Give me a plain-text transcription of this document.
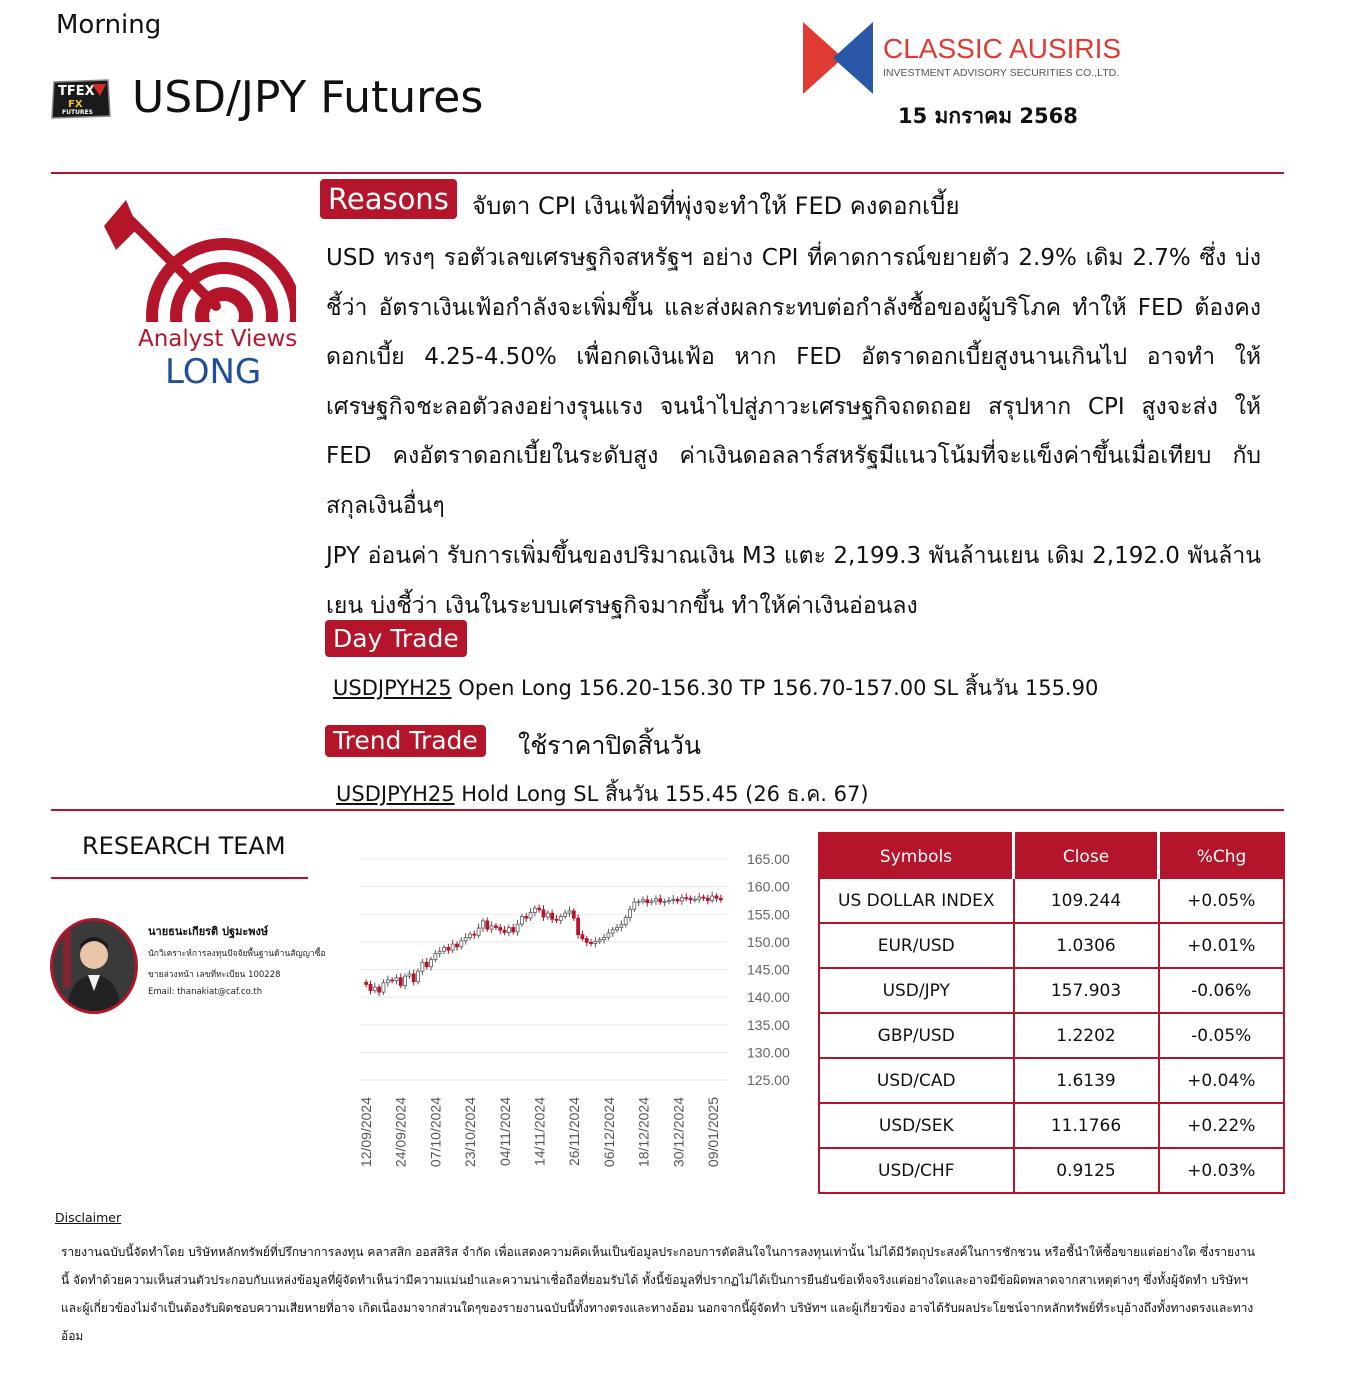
Morning
TFEX
FX
FUTURES USD/JPY Futures
CLASSIC AUSIRIS
INVESTMENT ADVISORY SECURITIES CO.,LTD.
15 มกราคม 2568
Analyst Views
LONG
Reasons จับตา CPI เงินเฟ้อที่พุ่งจะทำให้ FED คงดอกเบี้ย
USD ทรงๆ รอตัวเลขเศรษฐกิจสหรัฐฯ อย่าง CPI ที่คาดการณ์ขยายตัว 2.9% เดิม 2.7% ซึ่ง บ่งชี้ว่า อัตราเงินเฟ้อกำลังจะเพิ่มขึ้น และส่งผลกระทบต่อกำลังซื้อของผู้บริโภค ทำให้ FED ต้องคงดอกเบี้ย 4.25-4.50% เพื่อกดเงินเฟ้อ หาก FED อัตราดอกเบี้ยสูงนานเกินไป อาจทำ ให้เศรษฐกิจชะลอตัวลงอย่างรุนแรง จนนำไปสู่ภาวะเศรษฐกิจถดถอย สรุปหาก CPI สูงจะส่ง ให้ FED คงอัตราดอกเบี้ยในระดับสูง ค่าเงินดอลลาร์สหรัฐมีแนวโน้มที่จะแข็งค่าขึ้นเมื่อเทียบ กับสกุลเงินอื่นๆ
JPY อ่อนค่า รับการเพิ่มขึ้นของปริมาณเงิน M3 แตะ 2,199.3 พันล้านเยน เดิม 2,192.0 พันล้านเยน บ่งชี้ว่า เงินในระบบเศรษฐกิจมากขึ้น ทำให้ค่าเงินอ่อนลง
Day Trade
USDJPYH25 Open Long 156.20-156.30 TP 156.70-157.00 SL สิ้นวัน 155.90
Trend Trade	ใช้ราคาปิดสิ้นวัน
USDJPYH25 Hold Long SL สิ้นวัน 155.45 (26 ธ.ค. 67)
RESEARCH TEAM
นายธนะเกียรติ ปฐมะพงษ์
นักวิเคราะห์การลงทุนปัจจัยพื้นฐานด้านสัญญาซื้อ
ขายล่วงหน้า เลขที่ทะเบียน 100228
Email: thanakiat@caf.co.th
165.00
160.00
155.00
150.00
145.00
140.00
135.00
130.00
125.00
12/09/2024 24/09/2024 07/10/2024 23/10/2024 04/11/2024 14/11/2024 26/11/2024 06/12/2024 18/12/2024 30/12/2024 09/01/2025
Symbols	Close	%Chg
US DOLLAR INDEX	109.244	+0.05%
EUR/USD	1.0306	+0.01%
USD/JPY	157.903	-0.06%
GBP/USD	1.2202	-0.05%
USD/CAD	1.6139	+0.04%
USD/SEK	11.1766	+0.22%
USD/CHF	0.9125	+0.03%
Disclaimer
รายงานฉบับนี้จัดทำโดย บริษัทหลักทรัพย์ที่ปรึกษาการลงทุน คลาสสิก ออสสิริส จำกัด เพื่อแสดงความคิดเห็นเป็นข้อมูลประกอบการตัดสินใจในการลงทุนเท่านั้น ไม่ได้มีวัตถุประสงค์ในการชักชวน หรือชี้นำให้ซื้อขายแต่อย่างใด ซึ่งรายงานนี้ จัดทำด้วยความเห็นส่วนตัวประกอบกับแหล่งข้อมูลที่ผู้จัดทำเห็นว่ามีความแม่นยำและความน่าเชื่อถือที่ยอมรับได้ ทั้งนี้ข้อมูลที่ปรากฏไม่ได้เป็นการยืนยันข้อเท็จจริงแต่อย่างใดและอาจมีข้อผิดพลาดจากสาเหตุต่างๆ ซึ่งทั้งผู้จัดทำ บริษัทฯ และผู้เกี่ยวข้องไม่จำเป็นต้องรับผิดชอบความเสียหายที่อาจ เกิดเนื่องมาจากส่วนใดๆของรายงานฉบับนี้ทั้งทางตรงและทางอ้อม นอกจากนี้ผู้จัดทำ บริษัทฯ และผู้เกี่ยวข้อง อาจได้รับผลประโยชน์จากหลักทรัพย์ที่ระบุอ้างถึงทั้งทางตรงและทางอ้อม
